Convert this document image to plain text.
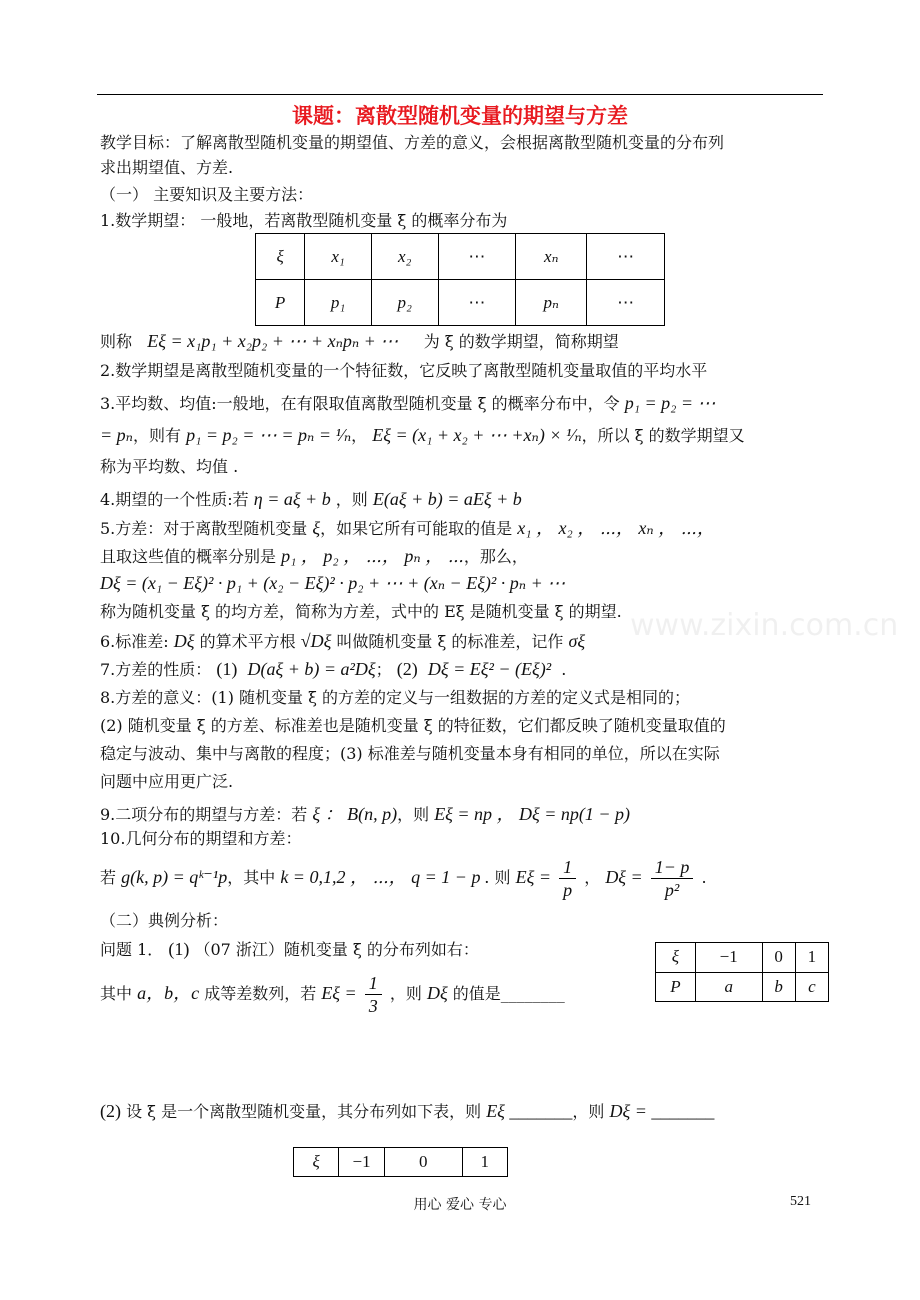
课题：离散型随机变量的期望与方差
教学目标：了解离散型随机变量的期望值、方差的意义，会根据离散型随机变量的分布列
求出期望值、方差.
（一） 主要知识及主要方法：
1.数学期望： 一般地，若离散型随机变量 ξ 的概率分布为
ξ	x₁	x₂	⋯	xₙ	⋯
P	p₁	p₂	⋯	pₙ	⋯
则称 Eξ = x₁p₁ + x₂p₂ + ⋯ + xₙpₙ + ⋯ 为 ξ 的数学期望，简称期望
2.数学期望是离散型随机变量的一个特征数，它反映了离散型随机变量取值的平均水平
3.平均数、均值:一般地，在有限取值离散型随机变量 ξ 的概率分布中，令 p₁ = p₂ = ⋯
= pₙ，则有 p₁ = p₂ = ⋯ = pₙ = ¹⁄ₙ， Eξ = (x₁ + x₂ + ⋯ +xₙ) × ¹⁄ₙ，所以 ξ 的数学期望又
称为平均数、均值 .
4.期望的一个性质:若 η = aξ + b ，则 E(aξ + b) = aEξ + b
5.方差：对于离散型随机变量 ξ，如果它所有可能取的值是 x₁ ， x₂ ， ⋯， xₙ ， ⋯，
且取这些值的概率分别是 p₁ ， p₂ ， ⋯， pₙ ， ⋯，那么，
Dξ = (x₁ − Eξ)² · p₁ + (x₂ − Eξ)² · p₂ + ⋯ + (xₙ − Eξ)² · pₙ + ⋯
称为随机变量 ξ 的均方差，简称为方差，式中的 Eξ 是随机变量 ξ 的期望.
6.标准差: Dξ 的算术平方根 √Dξ 叫做随机变量 ξ 的标准差，记作 σξ
7.方差的性质： (1) D(aξ + b) = a²Dξ； (2) Dξ = Eξ² − (Eξ)² .
8.方差的意义：(1) 随机变量 ξ 的方差的定义与一组数据的方差的定义式是相同的；
(2) 随机变量 ξ 的方差、标准差也是随机变量 ξ 的特征数，它们都反映了随机变量取值的
稳定与波动、集中与离散的程度；(3) 标准差与随机变量本身有相同的单位，所以在实际
问题中应用更广泛.
9.二项分布的期望与方差：若 ξ ： B(n, p)，则 Eξ = np ， Dξ = np(1 − p)
10.几何分布的期望和方差：
若 g(k, p) = qᵏ⁻¹p，其中 k = 0,1,2 ， ⋯， q = 1 − p . 则 $E\xi = \frac{1}{p}$ ， $D\xi = \frac{1- p}{\text{p²}}$ .
（二）典例分析：
问题 1． (1) （07 浙江）随机变量 ξ 的分布列如右：
其中 a，b，c 成等差数列，若 $E\xi = \frac{1}{3}$ ，则 Dξ 的值是________
ξ	−1	0	1
P	a	b	c
(2) 设 ξ 是一个离散型随机变量，其分布列如下表，则 Eξ _______，则 Dξ = _______
ξ	−1	0	1
www.zixin.com.cn
用心 爱心 专心	521
